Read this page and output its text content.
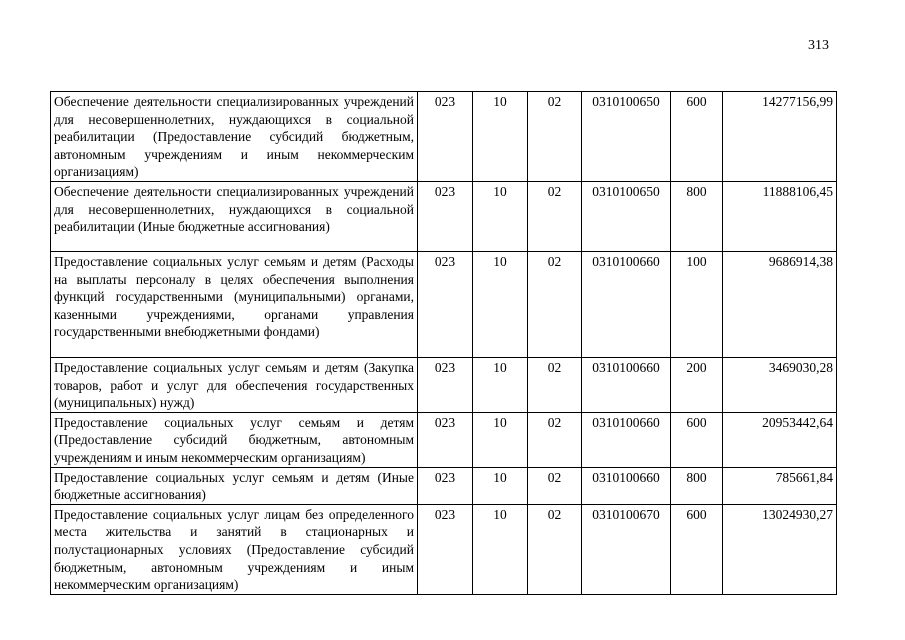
313
Обеспечение деятельности специализированных учреждений для несовершеннолетних, нуждающихся в социальной реабилитации (Предоставление субсидий бюджетным, автономным учреждениям и иным некоммерческим организациям)	023	10	02	0310100650	600	14277156,99
Обеспечение деятельности специализированных учреждений для несовершеннолетних, нуждающихся в социальной реабилитации (Иные бюджетные ассигнования)	023	10	02	0310100650	800	11888106,45
Предоставление социальных услуг семьям и детям (Расходы на выплаты персоналу в целях обеспечения выполнения функций государственными (муниципальными) органами, казенными учреждениями, органами управления государственными внебюджетными фондами)	023	10	02	0310100660	100	9686914,38
Предоставление социальных услуг семьям и детям (Закупка товаров, работ и услуг для обеспечения государственных (муниципальных) нужд)	023	10	02	0310100660	200	3469030,28
Предоставление социальных услуг семьям и детям (Предоставление субсидий бюджетным, автономным учреждениям и иным некоммерческим организациям)	023	10	02	0310100660	600	20953442,64
Предоставление социальных услуг семьям и детям (Иные бюджетные ассигнования)	023	10	02	0310100660	800	785661,84
Предоставление социальных услуг лицам без определенного места жительства и занятий в стационарных и полустационарных условиях (Предоставление субсидий бюджетным, автономным учреждениям и иным некоммерческим организациям)	023	10	02	0310100670	600	13024930,27
